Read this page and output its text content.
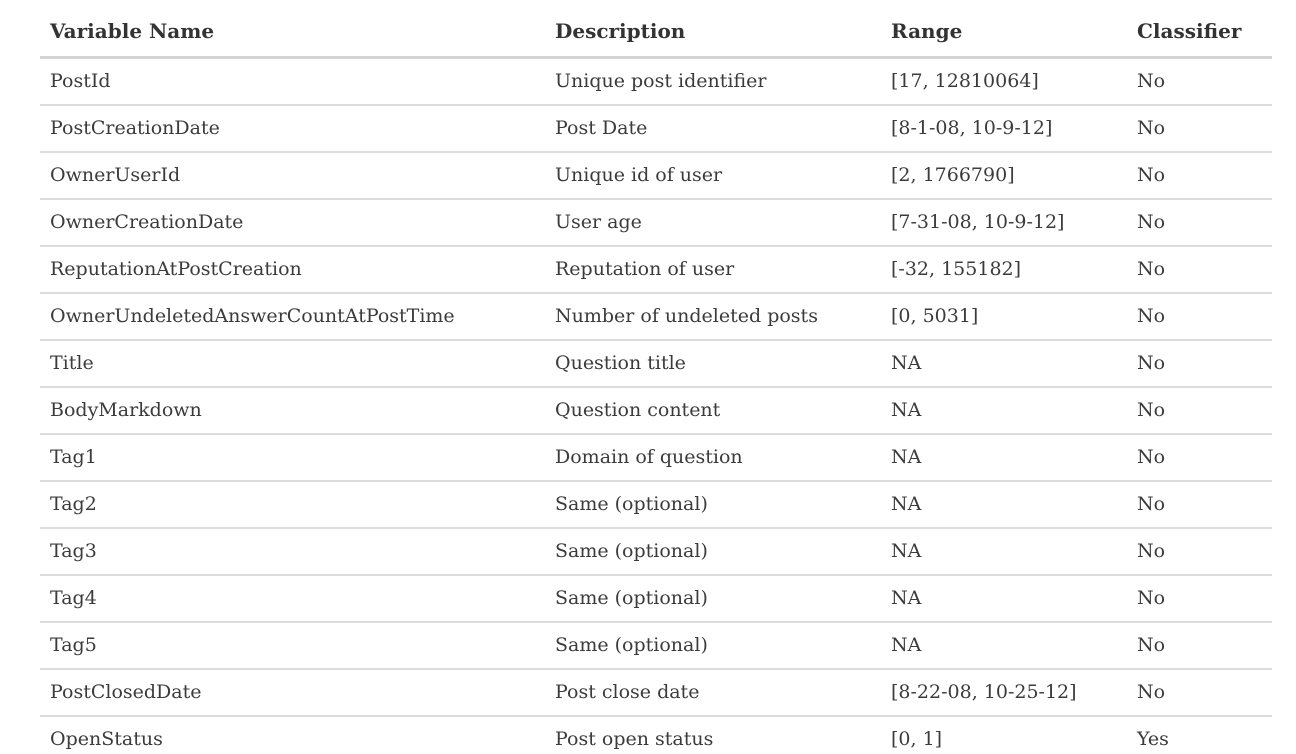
Variable Name	Description	Range	Classifier
PostId	Unique post identifier	[17, 12810064]	No
PostCreationDate	Post Date	[8-1-08, 10-9-12]	No
OwnerUserId	Unique id of user	[2, 1766790]	No
OwnerCreationDate	User age	[7-31-08, 10-9-12]	No
ReputationAtPostCreation	Reputation of user	[-32, 155182]	No
OwnerUndeletedAnswerCountAtPostTime	Number of undeleted posts	[0, 5031]	No
Title	Question title	NA	No
BodyMarkdown	Question content	NA	No
Tag1	Domain of question	NA	No
Tag2	Same (optional)	NA	No
Tag3	Same (optional)	NA	No
Tag4	Same (optional)	NA	No
Tag5	Same (optional)	NA	No
PostClosedDate	Post close date	[8-22-08, 10-25-12]	No
OpenStatus	Post open status	[0, 1]	Yes
